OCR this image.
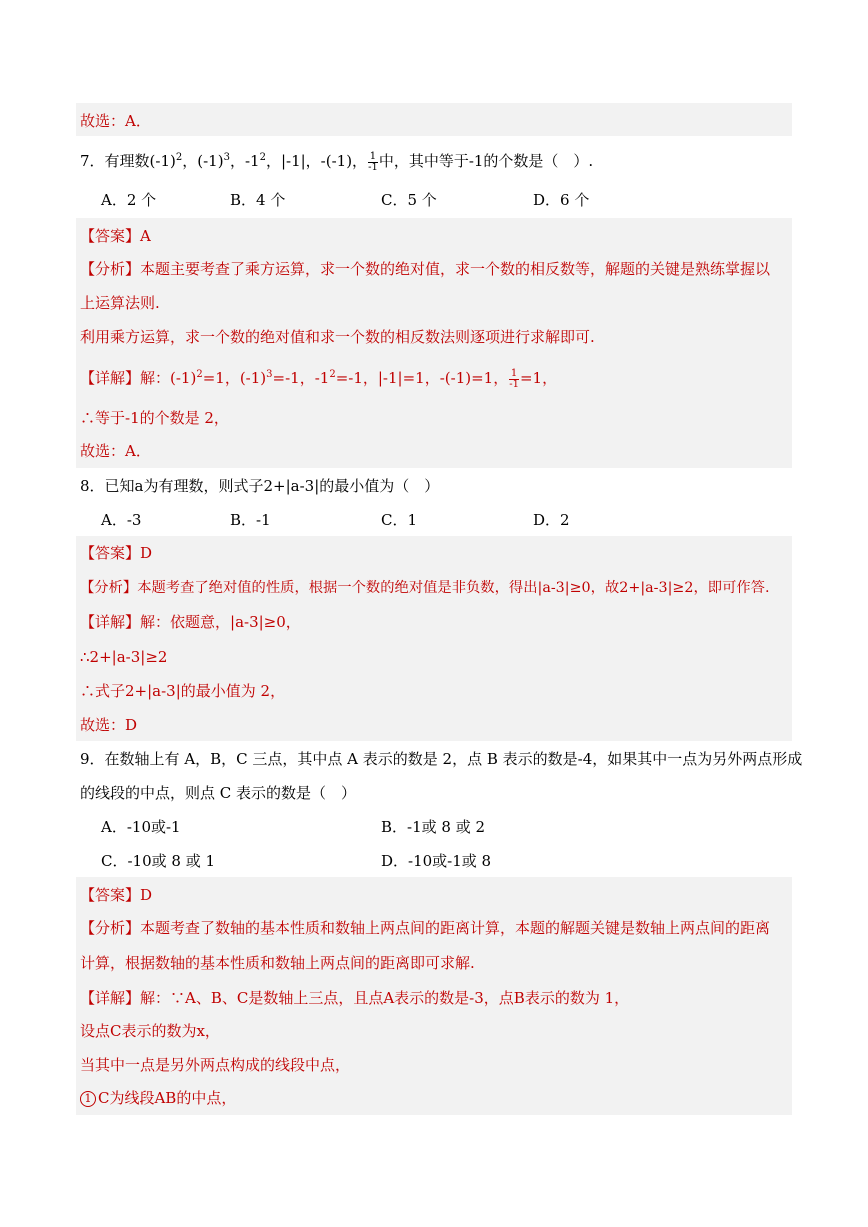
故选：A．
7．有理数$(-1)^2$，$(-1)^3$，$-1^2$，|-1|，-(-1)， $\frac{1}{-1}$ 中，其中等于-1的个数是（　）.
A．2 个	B．4 个	C．5 个	D．6 个
【答案】A
【分析】本题主要考查了乘方运算，求一个数的绝对值，求一个数的相反数等，解题的关键是熟练掌握以
上运算法则.
利用乘方运算，求一个数的绝对值和求一个数的相反数法则逐项进行求解即可.
【详解】解：$(-1)^2=1$，$(-1)^3=-1$，$-1^2=-1$，|-1|=1，-(-1)=1， $\frac{1}{-1} =1$，
∴等于-1的个数是 2，
故选：A．
8．已知a为有理数，则式子2+|a-3|的最小值为（　）
A．-3	B．-1	C．1	D．2
【答案】D
【分析】本题考查了绝对值的性质，根据一个数的绝对值是非负数，得出|a-3|≥0，故2+|a-3|≥2，即可作答.
【详解】解：依题意，|a-3|≥0，
∴2+|a-3|≥2
∴式子2+|a-3|的最小值为 2，
故选：D
9．在数轴上有 A，B，C 三点，其中点 A 表示的数是 2，点 B 表示的数是-4，如果其中一点为另外两点形成
的线段的中点，则点 C 表示的数是（　）
A．-10或-1	B．-1或 8 或 2
C．-10或 8 或 1	D．-10或-1或 8
【答案】D
【分析】本题考查了数轴的基本性质和数轴上两点间的距离计算，本题的解题关键是数轴上两点间的距离
计算，根据数轴的基本性质和数轴上两点间的距离即可求解.
【详解】解：∵A、B、C是数轴上三点，且点A表示的数是-3，点B表示的数为 1，
设点C表示的数为x，
当其中一点是另外两点构成的线段中点，
1 C为线段AB的中点，
